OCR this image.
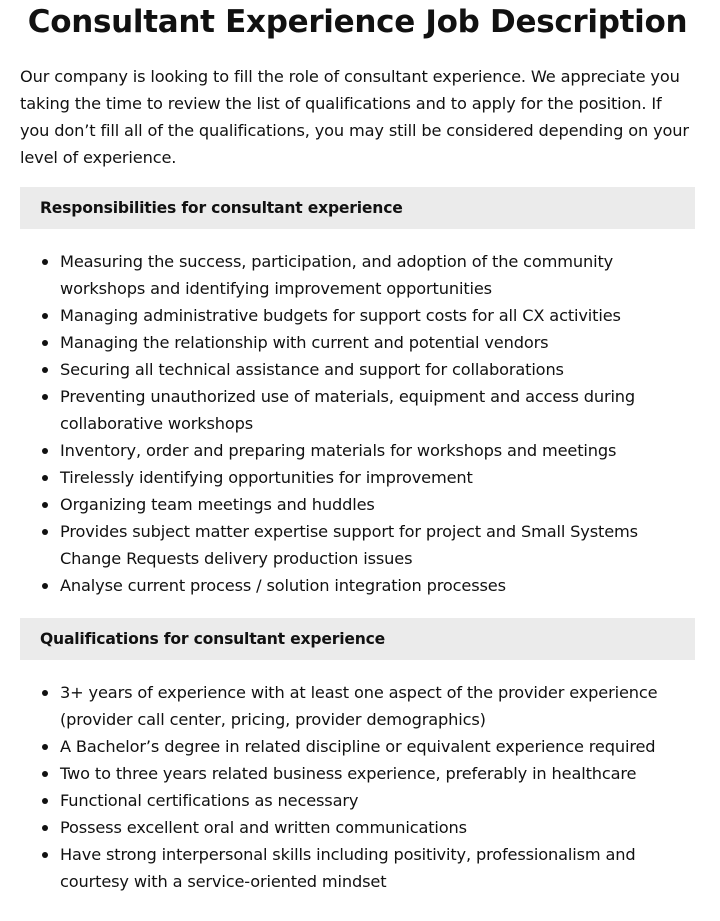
Consultant Experience Job Description

Our company is looking to fill the role of consultant experience. We appreciate you taking the time to review the list of qualifications and to apply for the position. If you don’t fill all of the qualifications, you may still be considered depending on your level of experience.

Responsibilities for consultant experience
Measuring the success, participation, and adoption of the community workshops and identifying improvement opportunities
Managing administrative budgets for support costs for all CX activities
Managing the relationship with current and potential vendors
Securing all technical assistance and support for collaborations
Preventing unauthorized use of materials, equipment and access during collaborative workshops
Inventory, order and preparing materials for workshops and meetings
Tirelessly identifying opportunities for improvement
Organizing team meetings and huddles
Provides subject matter expertise support for project and Small Systems Change Requests delivery production issues
Analyse current process / solution integration processes
Qualifications for consultant experience
3+ years of experience with at least one aspect of the provider experience (provider call center, pricing, provider demographics)
A Bachelor’s degree in related discipline or equivalent experience required
Two to three years related business experience, preferably in healthcare
Functional certifications as necessary
Possess excellent oral and written communications
Have strong interpersonal skills including positivity, professionalism and courtesy with a service-oriented mindset
